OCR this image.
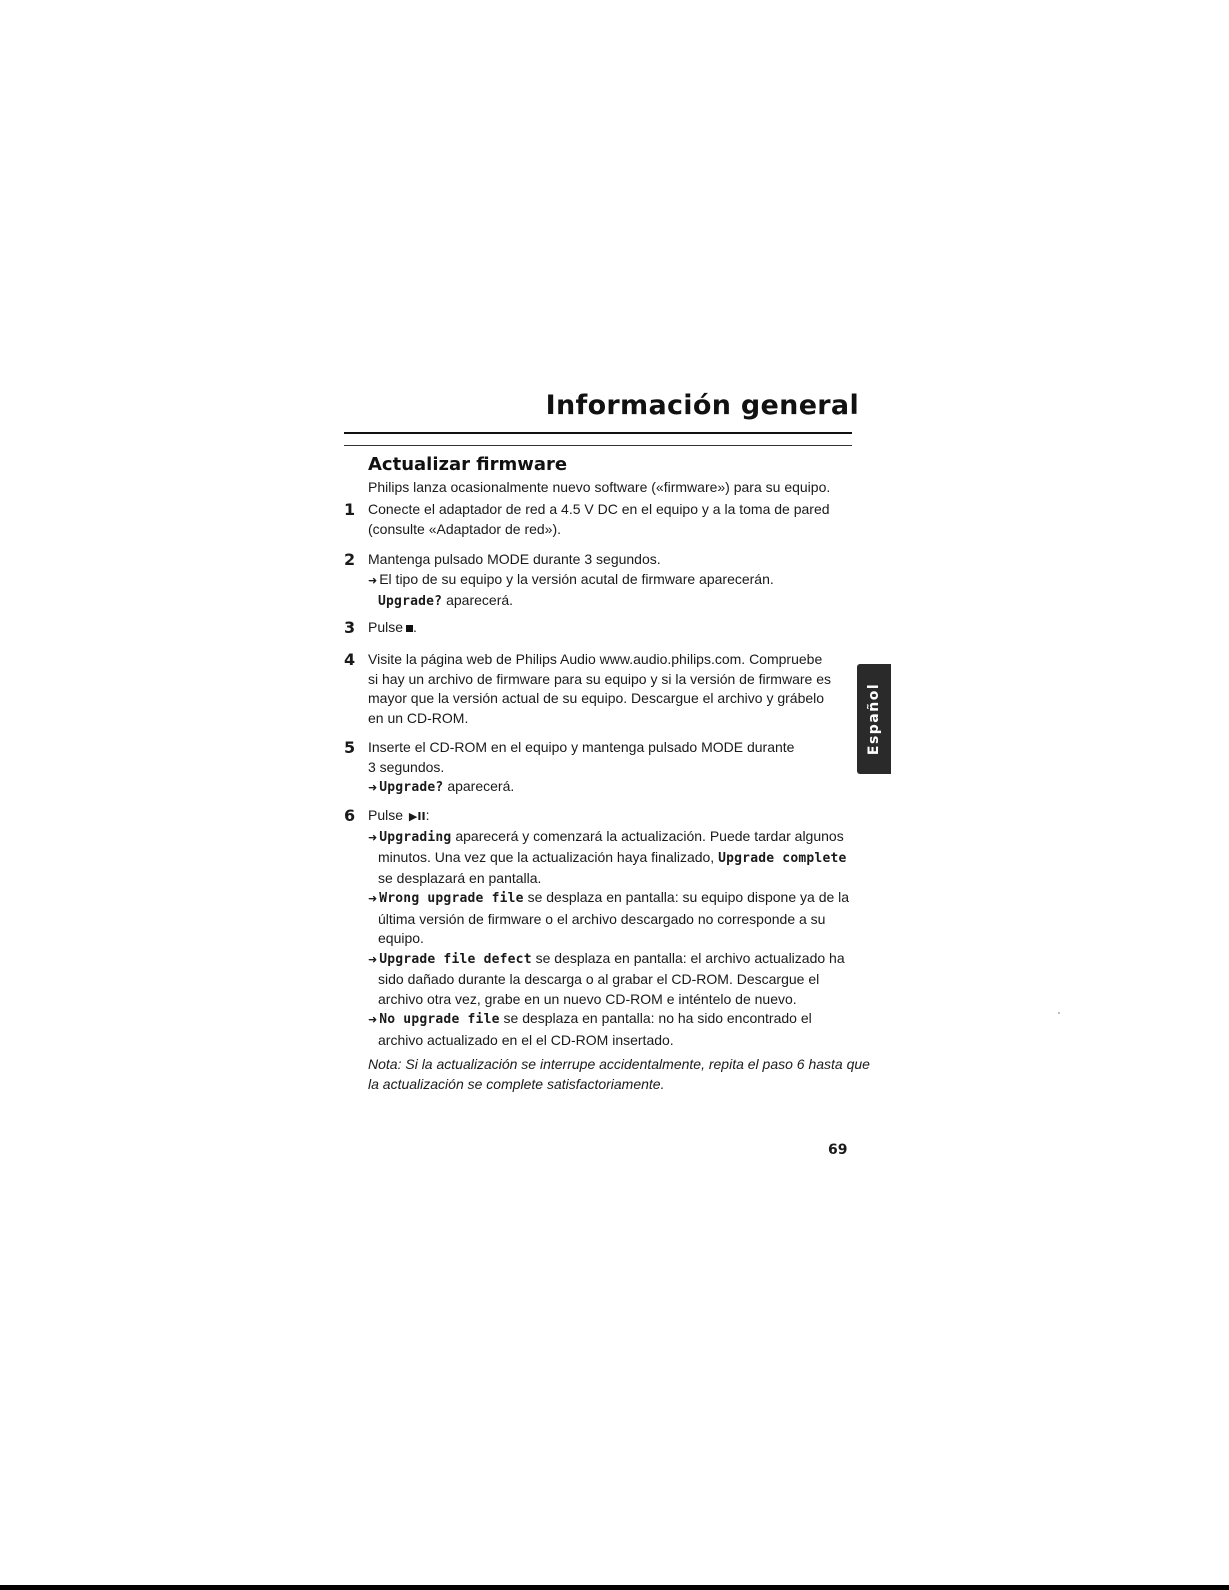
Información general
Actualizar firmware

Philips lanza ocasionalmente nuevo software («firmware») para su equipo.

1 Conecte el adaptador de red a 4.5 V DC en el equipo y a la toma de pared
(consulte «Adaptador de red»).
2 Mantenga pulsado MODE durante 3 segundos.
➜ El tipo de su equipo y la versión acutal de firmware aparecerán.
Upgrade? aparecerá.
3 Pulse .
4 Visite la página web de Philips Audio www.audio.philips.com. Compruebe
si hay un archivo de firmware para su equipo y si la versión de firmware es
mayor que la versión actual de su equipo. Descargue el archivo y grábelo
en un CD-ROM.
5 Inserte el CD-ROM en el equipo y mantenga pulsado MODE durante
3 segundos.
➜ Upgrade? aparecerá.
6 Pulse ▶II:
➜ Upgrading aparecerá y comenzará la actualización. Puede tardar algunos
minutos. Una vez que la actualización haya finalizado, Upgrade complete
se desplazará en pantalla.
➜ Wrong upgrade file se desplaza en pantalla: su equipo dispone ya de la
última versión de firmware o el archivo descargado no corresponde a su
equipo.
➜ Upgrade file defect se desplaza en pantalla: el archivo actualizado ha
sido dañado durante la descarga o al grabar el CD-ROM. Descargue el
archivo otra vez, grabe en un nuevo CD-ROM e inténtelo de nuevo.
➜ No upgrade file se desplaza en pantalla: no ha sido encontrado el
archivo actualizado en el el CD-ROM insertado.

Nota: Si la actualización se interrupe accidentalmente, repita el paso 6 hasta que
la actualización se complete satisfactoriamente.

Español

69
